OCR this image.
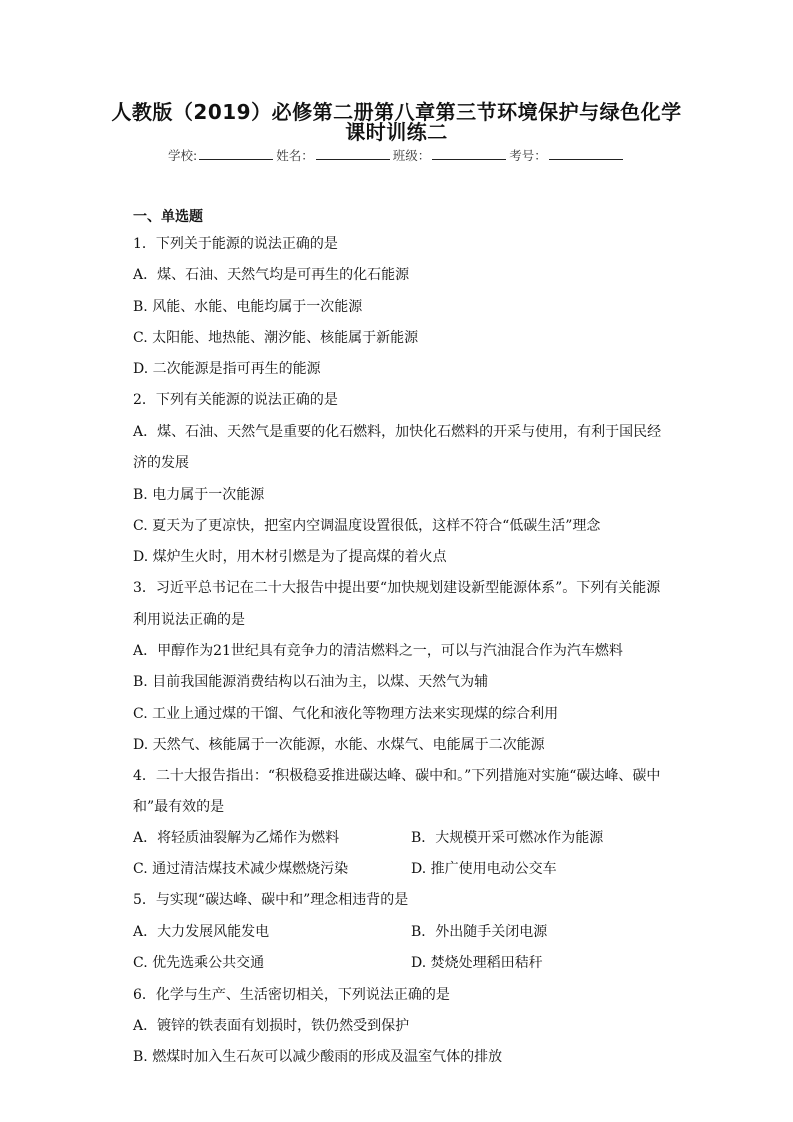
人教版（2019）必修第二册第八章第三节环境保护与绿色化学
课时训练二
学校:	姓名：	班级：	考号：
一、单选题
1．下列关于能源的说法正确的是
A．煤、石油、天然气均是可再生的化石能源
B. 风能、水能、电能均属于一次能源
C. 太阳能、地热能、潮汐能、核能属于新能源
D. 二次能源是指可再生的能源
2．下列有关能源的说法正确的是
A．煤、石油、天然气是重要的化石燃料，加快化石燃料的开采与使用，有利于国民经
济的发展
B. 电力属于一次能源
C. 夏天为了更凉快，把室内空调温度设置很低，这样不符合“低碳生活”理念
D. 煤炉生火时，用木材引燃是为了提高煤的着火点
3．习近平总书记在二十大报告中提出要“加快规划建设新型能源体系”。下列有关能源
利用说法正确的是
A．甲醇作为21世纪具有竞争力的清洁燃料之一，可以与汽油混合作为汽车燃料
B. 目前我国能源消费结构以石油为主，以煤、天然气为辅
C. 工业上通过煤的干馏、气化和液化等物理方法来实现煤的综合利用
D. 天然气、核能属于一次能源，水能、水煤气、电能属于二次能源
4．二十大报告指出：“积极稳妥推进碳达峰、碳中和。”下列措施对实施“碳达峰、碳中
和”最有效的是
A．将轻质油裂解为乙烯作为燃料	B．大规模开采可燃冰作为能源
C. 通过清洁煤技术减少煤燃烧污染	D. 推广使用电动公交车
5．与实现“碳达峰、碳中和”理念相违背的是
A．大力发展风能发电	B．外出随手关闭电源
C. 优先选乘公共交通	D. 焚烧处理稻田秸秆
6．化学与生产、生活密切相关，下列说法正确的是
A．镀锌的铁表面有划损时，铁仍然受到保护
B. 燃煤时加入生石灰可以减少酸雨的形成及温室气体的排放
